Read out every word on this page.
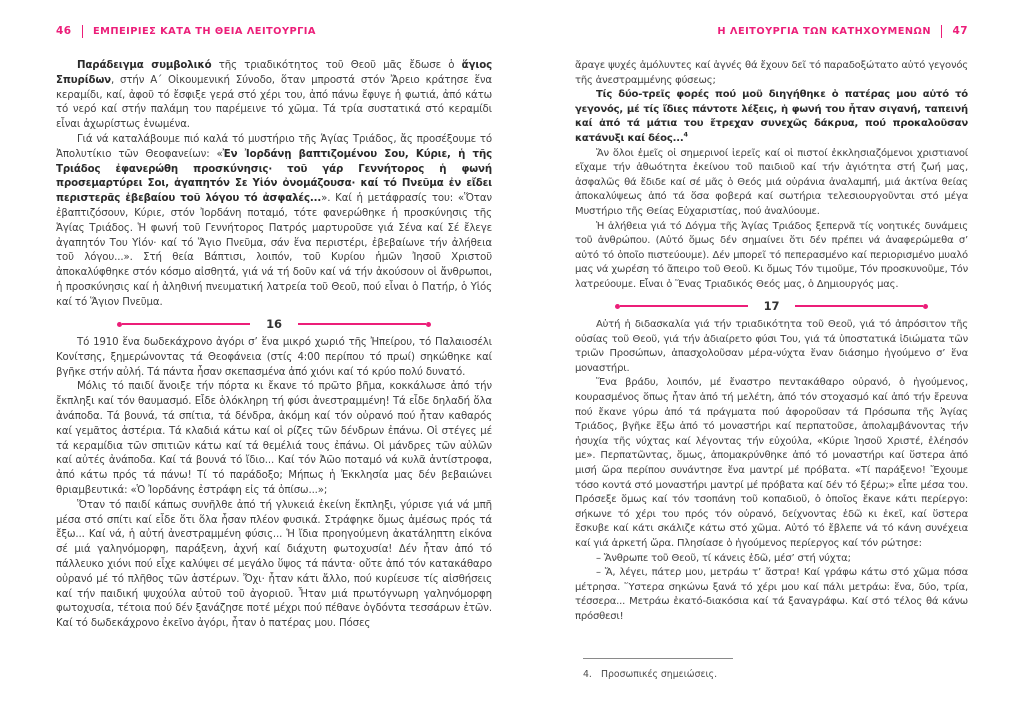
46 ΕΜΠΕΙΡΙΕΣ ΚΑΤΑ ΤΗ ΘΕΙΑ ΛΕΙΤΟΥΡΓΙΑ

Παράδειγμα συμβολικό τῆς τριαδικότητος τοῦ Θεοῦ μᾶς ἔδωσε ὁ ἅγιος Σπυρίδων, στήν Α΄ Οἰκουμενική Σύνοδο, ὅταν μπροστά στόν Ἄρειο κράτησε ἕνα κεραμίδι, καί, ἀφοῦ τό ἔσφιξε γερά στό χέρι του, ἀπό πάνω ἔφυγε ἡ φωτιά, ἀπό κάτω τό νερό καί στήν παλάμη του παρέμεινε τό χῶμα. Τά τρία συστατικά στό κεραμίδι εἶναι ἀχωρίστως ἑνωμένα.

Γιά νά καταλάβουμε πιό καλά τό μυστήριο τῆς Ἁγίας Τριάδος, ἄς προσέξουμε τό Ἀπολυτίκιο τῶν Θεοφανείων: «Ἐν Ἰορδάνῃ βαπτιζομένου Σου, Κύριε, ἡ τῆς Τριάδος ἐφανερώθη προσκύνησις· τοῦ γάρ Γεννήτορος ἡ φωνή προσεμαρτύρει Σοι, ἀγαπητόν Σε Υἱόν ὀνομάζουσα· καί τό Πνεῦμα ἐν εἴδει περιστερᾶς ἐβεβαίου τοῦ λόγου τό ἀσφαλές...». Καί ἡ μετάφρασίς του: «Ὅταν ἐβαπτιζόσουν, Κύριε, στόν Ἰορδάνη ποταμό, τότε φανερώθηκε ἡ προσκύνησις τῆς Ἁγίας Τριάδος. Ἡ φωνή τοῦ Γεννήτορος Πατρός μαρτυροῦσε γιά Σένα καί Σέ ἔλεγε ἀγαπητόν Του Υἱόν· καί τό Ἅγιο Πνεῦμα, σάν ἕνα περιστέρι, ἐβεβαίωνε τήν ἀλήθεια τοῦ λόγου...». Στή θεία Βάπτισι, λοιπόν, τοῦ Κυρίου ἡμῶν Ἰησοῦ Χριστοῦ ἀποκαλύφθηκε στόν κόσμο αἰσθητά, γιά νά τή δοῦν καί νά τήν ἀκούσουν οἱ ἄνθρωποι, ἡ προσκύνησις καί ἡ ἀληθινή πνευματική λατρεία τοῦ Θεοῦ, πού εἶναι ὁ Πατήρ, ὁ Υἱός καί τό Ἅγιον Πνεῦμα.

16

Τό 1910 ἕνα δωδεκάχρονο ἀγόρι σ’ ἕνα μικρό χωριό τῆς Ἠπείρου, τό Παλαιοσέλι Κονίτσης, ξημερώνοντας τά Θεοφάνεια (στίς 4:00 περίπου τό πρωί) σηκώθηκε καί βγῆκε στήν αὐλή. Τά πάντα ἦσαν σκεπασμένα ἀπό χιόνι καί τό κρύο πολύ δυνατό.

Μόλις τό παιδί ἄνοιξε τήν πόρτα κι ἔκανε τό πρῶτο βῆμα, κοκκάλωσε ἀπό τήν ἔκπληξι καί τόν θαυμασμό. Εἶδε ὁλόκληρη τή φύσι ἀνεστραμμένη! Τά εἶδε δηλαδή ὅλα ἀνάποδα. Τά βουνά, τά σπίτια, τά δένδρα, ἀκόμη καί τόν οὐρανό πού ἦταν καθαρός καί γεμᾶτος ἀστέρια. Τά κλαδιά κάτω καί οἱ ρίζες τῶν δένδρων ἐπάνω. Οἱ στέγες μέ τά κεραμίδια τῶν σπιτιῶν κάτω καί τά θεμέλιά τους ἐπάνω. Οἱ μάνδρες τῶν αὐλῶν καί αὐτές ἀνάποδα. Καί τά βουνά τό ἴδιο... Καί τόν Ἀῶο ποταμό νά κυλᾶ ἀντίστροφα, ἀπό κάτω πρός τά πάνω! Τί τό παράδοξο; Μήπως ἡ Ἐκκλησία μας δέν βεβαιώνει θριαμβευτικά: «Ὁ Ἰορδάνης ἐστράφη εἰς τά ὀπίσω...»;

Ὅταν τό παιδί κάπως συνῆλθε ἀπό τή γλυκειά ἐκείνη ἔκπληξι, γύρισε γιά νά μπῆ μέσα στό σπίτι καί εἶδε ὅτι ὅλα ἦσαν πλέον φυσικά. Στράφηκε ὅμως ἀμέσως πρός τά ἔξω... Καί νά, ἡ αὐτή ἀνεστραμμένη φύσις... Ἡ ἴδια προηγούμενη ἀκατάληπτη εἰκόνα σέ μιά γαληνόμορφη, παράξενη, ἀχνή καί διάχυτη φωτοχυσία! Δέν ἦταν ἀπό τό πάλλευκο χιόνι πού εἶχε καλύψει σέ μεγάλο ὕψος τά πάντα· οὔτε ἀπό τόν κατακάθαρο οὐρανό μέ τό πλῆθος τῶν ἀστέρων. Ὄχι· ἦταν κάτι ἄλλο, πού κυρίευσε τίς αἰσθήσεις καί τήν παιδική ψυχούλα αὐτοῦ τοῦ ἀγοριοῦ. Ἦταν μιά πρωτόγνωρη γαληνόμορφη φωτοχυσία, τέτοια πού δέν ξανάζησε ποτέ μέχρι πού πέθανε ὀγδόντα τεσσάρων ἐτῶν. Καί τό δωδεκάχρονο ἐκεῖνο ἀγόρι, ἦταν ὁ πατέρας μου. Πόσες

Η ΛΕΙΤΟΥΡΓΙΑ ΤΩΝ ΚΑΤΗΧΟΥΜΕΝΩΝ 47

ἄραγε ψυχές ἀμόλυντες καί ἁγνές θά ἔχουν δεῖ τό παραδοξώτατο αὐτό γεγονός τῆς ἀνεστραμμένης φύσεως;

Τίς δύο-τρεῖς φορές πού μοῦ διηγήθηκε ὁ πατέρας μου αὐτό τό γεγονός, μέ τίς ἴδιες πάντοτε λέξεις, ἡ φωνή του ἦταν σιγανή, ταπεινή καί ἀπό τά μάτια του ἔτρεχαν συνεχῶς δάκρυα, πού προκαλοῦσαν κατάνυξι καί δέος...$^4$

Ἄν ὅλοι ἐμεῖς οἱ σημερινοί ἱερεῖς καί οἱ πιστοί ἐκκλησιαζόμενοι χριστιανοί εἴχαμε τήν ἀθωότητα ἐκείνου τοῦ παιδιοῦ καί τήν ἁγιότητα στή ζωή μας, ἀσφαλῶς θά ἔδιδε καί σέ μᾶς ὁ Θεός μιά οὐράνια ἀναλαμπή, μιά ἀκτίνα θείας ἀποκαλύψεως ἀπό τά ὅσα φοβερά καί σωτήρια τελεσιουργοῦνται στό μέγα Μυστήριο τῆς Θείας Εὐχαριστίας, πού ἀναλύουμε.

Ἡ ἀλήθεια γιά τό Δόγμα τῆς Ἁγίας Τριάδος ξεπερνᾶ τίς νοητικές δυνάμεις τοῦ ἀνθρώπου. (Αὐτό ὅμως δέν σημαίνει ὅτι δέν πρέπει νά ἀναφερώμεθα σ’ αὐτό τό ὁποῖο πιστεύουμε). Δέν μπορεῖ τό πεπερασμένο καί περιορισμένο μυαλό μας νά χωρέση τό ἄπειρο τοῦ Θεοῦ. Κι ὅμως Τόν τιμοῦμε, Τόν προσκυνοῦμε, Τόν λατρεύουμε. Εἶναι ὁ Ἕνας Τριαδικός Θεός μας, ὁ Δημιουργός μας.

17

Αὐτή ἡ διδασκαλία γιά τήν τριαδικότητα τοῦ Θεοῦ, γιά τό ἀπρόσιτον τῆς οὐσίας τοῦ Θεοῦ, γιά τήν ἀδιαίρετο φύσι Του, γιά τά ὑποστατικά ἰδιώματα τῶν τριῶν Προσώπων, ἀπασχολοῦσαν μέρα-νύχτα ἕναν διάσημο ἡγούμενο σ’ ἕνα μοναστήρι.

Ἕνα βράδυ, λοιπόν, μέ ἔναστρο πεντακάθαρο οὐρανό, ὁ ἡγούμενος, κουρασμένος ὅπως ἦταν ἀπό τή μελέτη, ἀπό τόν στοχασμό καί ἀπό τήν ἔρευνα πού ἔκανε γύρω ἀπό τά πράγματα πού ἀφοροῦσαν τά Πρόσωπα τῆς Ἁγίας Τριάδος, βγῆκε ἔξω ἀπό τό μοναστήρι καί περπατοῦσε, ἀπολαμβάνοντας τήν ἡσυχία τῆς νύχτας καί λέγοντας τήν εὐχούλα, «Κύριε Ἰησοῦ Χριστέ, ἐλέησόν με». Περπατῶντας, ὅμως, ἀπομακρύνθηκε ἀπό τό μοναστήρι καί ὕστερα ἀπό μισή ὥρα περίπου συνάντησε ἕνα μαντρί μέ πρόβατα. «Τί παράξενο! Ἔχουμε τόσο κοντά στό μοναστήρι μαντρί μέ πρόβατα καί δέν τό ξέρω;» εἶπε μέσα του. Πρόσεξε ὅμως καί τόν τσοπάνη τοῦ κοπαδιοῦ, ὁ ὁποῖος ἔκανε κάτι περίεργο: σήκωνε τό χέρι του πρός τόν οὐρανό, δείχνοντας ἐδῶ κι ἐκεῖ, καί ὕστερα ἔσκυβε καί κάτι σκάλιζε κάτω στό χῶμα. Αὐτό τό ἔβλεπε νά τό κάνη συνέχεια καί γιά ἀρκετή ὥρα. Πλησίασε ὁ ἡγούμενος περίεργος καί τόν ρώτησε:

– Ἄνθρωπε τοῦ Θεοῦ, τί κάνεις ἐδῶ, μέσ’ στή νύχτα;

– Ἄ, λέγει, πάτερ μου, μετράω τ’ ἄστρα! Καί γράφω κάτω στό χῶμα πόσα μέτρησα. Ὕστερα σηκώνω ξανά τό χέρι μου καί πάλι μετράω: ἕνα, δύο, τρία, τέσσερα... Μετράω ἑκατό-διακόσια καί τά ξαναγράφω. Καί στό τέλος θά κάνω πρόσθεσι!

4. Προσωπικές σημειώσεις.
